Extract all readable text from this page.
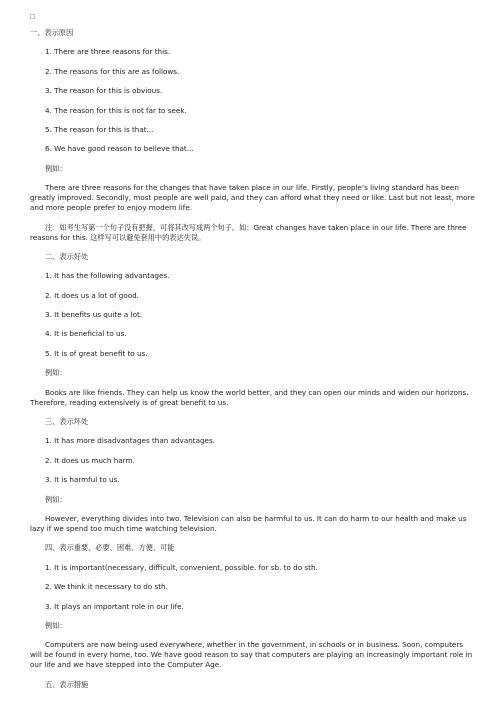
一、表示原因

1. There are three reasons for this.

2. The reasons for this are as follows.

3. The reason for this is obvious.

4. The reason for this is not far to seek.

5. The reason for this is that...

6. We have good reason to believe that...

例如：

There are three reasons for the changes that have taken place in our life. Firstly, people’s living standard has been greatly improved. Secondly, most people are well paid, and they can afford what they need or like. Last but not least, more and more people prefer to enjoy modern life.

注：如考生写第一个句子没有把握，可将其改写成两个句子。如：Great changes have taken place in our life. There are three reasons for this. 这样写可以避免套用中的表达失误。

二、表示好处

1. It has the following advantages.

2. It does us a lot of good.

3. It benefits us quite a lot.

4. It is beneficial to us.

5. It is of great benefit to us.

例如：

Books are like friends. They can help us know the world better, and they can open our minds and widen our horizons. Therefore, reading extensively is of great benefit to us.

三、表示坏处

1. It has more disadvantages than advantages.

2. It does us much harm.

3. It is harmful to us.

例如：

However, everything divides into two. Television can also be harmful to us. It can do harm to our health and make us lazy if we spend too much time watching television.

四、表示重要、必要、困难、方便、可能

1. It is important(necessary, difficult, convenient, possible. for sb. to do sth.

2. We think it necessary to do sth.

3. It plays an important role in our life.

例如：

Computers are now being used everywhere, whether in the government, in schools or in business. Soon, computers will be found in every home, too. We have good reason to say that computers are playing an increasingly important role in our life and we have stepped into the Computer Age.

五、表示措施
